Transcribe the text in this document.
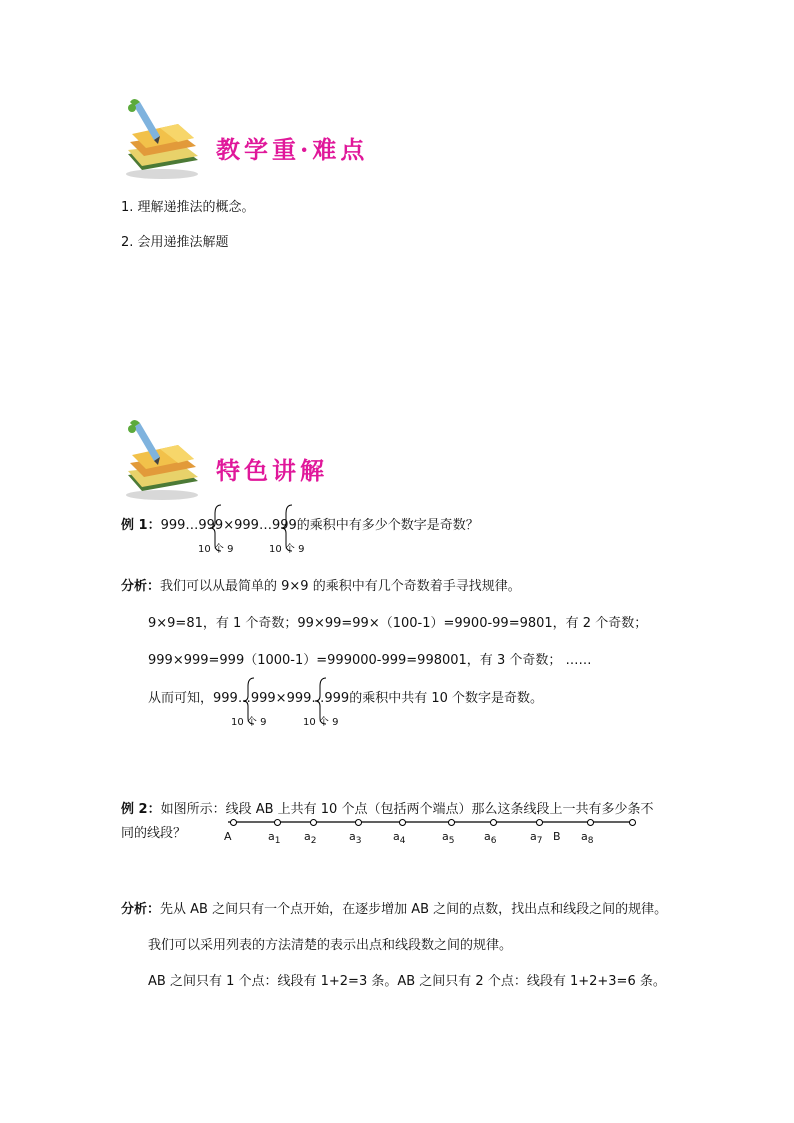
教学重·难点
1. 理解递推法的概念。
2. 会用递推法解题
特色讲解
例 1：999…999×999…999的乘积中有多少个数字是奇数？
10 个 9	10 个 9
分析：我们可以从最简单的 9×9 的乘积中有几个奇数着手寻找规律。
9×9=81，有 1 个奇数；99×99=99×（100-1）=9900-99=9801，有 2 个奇数；
999×999=999（1000-1）=999000-999=998001，有 3 个奇数； ……
从而可知，999…999×999…999的乘积中共有 10 个数字是奇数。
10 个 9	10 个 9
例 2：如图所示：线段 AB 上共有 10 个点（包括两个端点）那么这条线段上一共有多少条不
同的线段？	A	$a_1$ $a_2$	$a_3$	$a_4$	$a_5$	$a_6$	$a_7$ B $a_8$
分析：先从 AB 之间只有一个点开始，在逐步增加 AB 之间的点数，找出点和线段之间的规律。
我们可以采用列表的方法清楚的表示出点和线段数之间的规律。
AB 之间只有 1 个点：线段有 1+2=3 条。AB 之间只有 2 个点：线段有 1+2+3=6 条。
